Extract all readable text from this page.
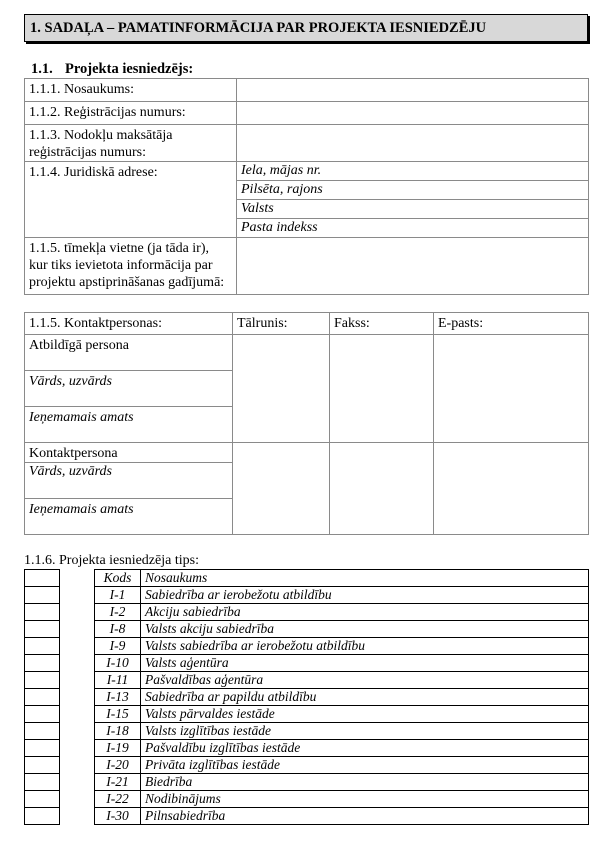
1. SADAĻA – PAMATINFORMĀCIJA PAR PROJEKTA IESNIEDZĒJU
1.1. Projekta iesniedzējs:
1.1.1. Nosaukums:	
1.1.2. Reģistrācijas numurs:	

1.1.3. Nodokļu maksātāja
reģistrācijas numurs:	

1.1.4. Juridiskā adrese:	Iela, mājas nr.
	Pilsēta, rajons
	Valsts
	Pasta indekss

1.1.5. tīmekļa vietne (ja tāda ir),
kur tiks ievietota informācija par
projektu apstiprināšanas gadījumā:	

1.1.5. Kontaktpersonas:	Tālrunis:	Fakss:	E-pasts:
Atbildīgā persona			
Vārds, uzvārds			
Ieņemamais amats			
Kontaktpersona			
Vārds, uzvārds			
Ieņemamais amats			
1.1.6. Projekta iesniedzēja tips:

Kods	Nosaukums
I-1	Sabiedrība ar ierobežotu atbildību
I-2	Akciju sabiedrība
I-8	Valsts akciju sabiedrība
I-9	Valsts sabiedrība ar ierobežotu atbildību
I-10	Valsts aģentūra
I-11	Pašvaldības aģentūra
I-13	Sabiedrība ar papildu atbildību
I-15	Valsts pārvaldes iestāde
I-18	Valsts izglītības iestāde
I-19	Pašvaldību izglītības iestāde
I-20	Privāta izglītības iestāde
I-21	Biedrība
I-22	Nodibinājums
I-30	Pilnsabiedrība
